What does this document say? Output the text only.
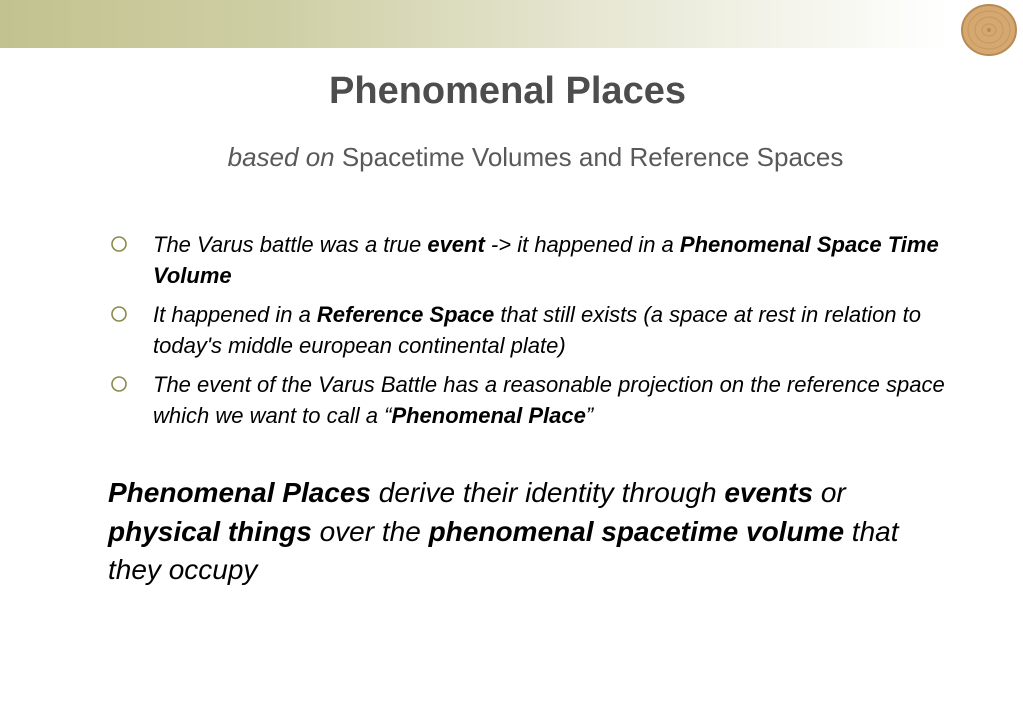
Phenomenal Places
based on Spacetime Volumes and Reference Spaces
The Varus battle was a true event -> it happened in a Phenomenal Space Time Volume
It happened in a Reference Space that still exists (a space at rest in relation to today's middle european continental plate)
The event of the Varus Battle has a reasonable projection on the reference space which we want to call a “Phenomenal Place”
Phenomenal Places derive their identity through events or physical things over the phenomenal spacetime volume that they occupy
